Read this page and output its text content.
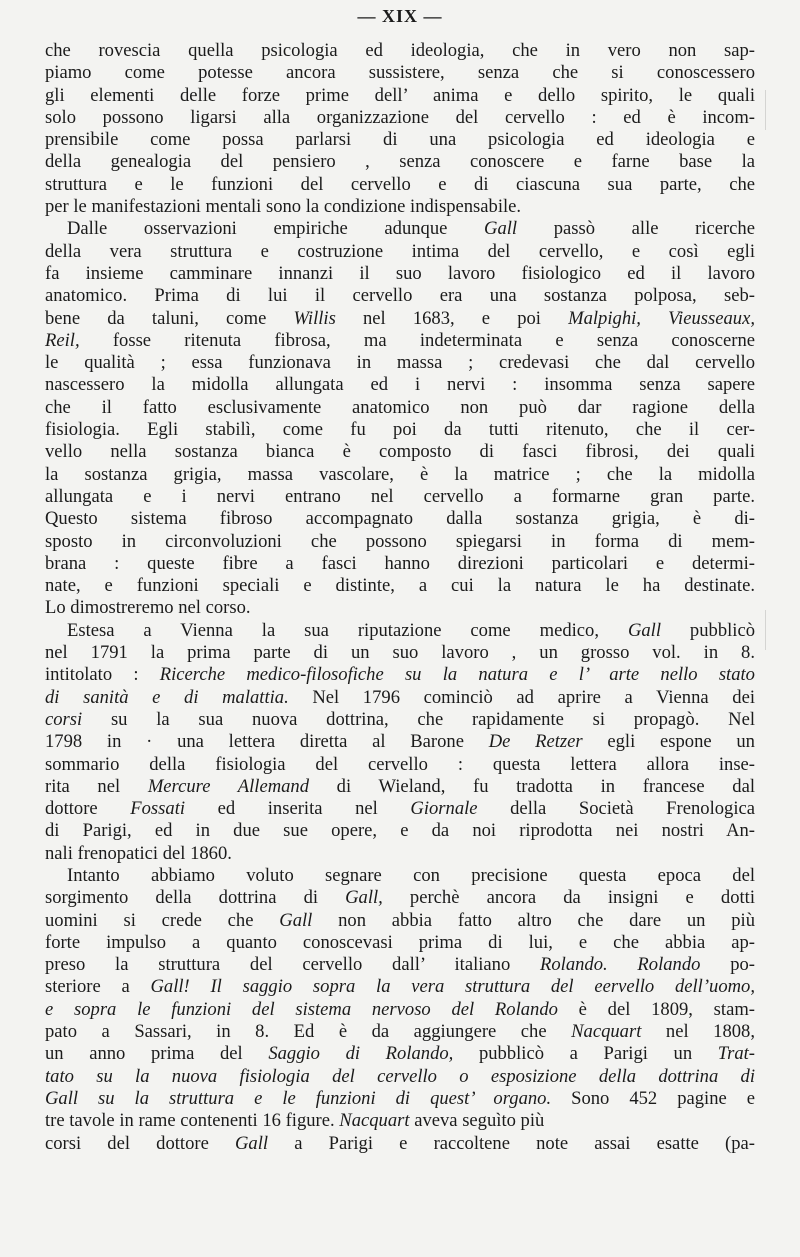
— XIX —
che rovescia quella psicologia ed ideologia, che in vero non sap-
piamo come potesse ancora sussistere, senza che si conoscessero
gli elementi delle forze prime dell’ anima e dello spirito, le quali
solo possono ligarsi alla organizzazione del cervello : ed è incom-
prensibile come possa parlarsi di una psicologia ed ideologia e
della genealogia del pensiero , senza conoscere e farne base la
struttura e le funzioni del cervello e di ciascuna sua parte, che
per le manifestazioni mentali sono la condizione indispensabile.
Dalle osservazioni empiriche adunque Gall passò alle ricerche
della vera struttura e costruzione intima del cervello, e così egli
fa insieme camminare innanzi il suo lavoro fisiologico ed il lavoro
anatomico. Prima di lui il cervello era una sostanza polposa, seb-
bene da taluni, come Willis nel 1683, e poi Malpighi, Vieusseaux,
Reil, fosse ritenuta fibrosa, ma indeterminata e senza conoscerne
le qualità ; essa funzionava in massa ; credevasi che dal cervello
nascessero la midolla allungata ed i nervi : insomma senza sapere
che il fatto esclusivamente anatomico non può dar ragione della
fisiologia. Egli stabilì, come fu poi da tutti ritenuto, che il cer-
vello nella sostanza bianca è composto di fasci fibrosi, dei quali
la sostanza grigia, massa vascolare, è la matrice ; che la midolla
allungata e i nervi entrano nel cervello a formarne gran parte.
Questo sistema fibroso accompagnato dalla sostanza grigia, è di-
sposto in circonvoluzioni che possono spiegarsi in forma di mem-
brana : queste fibre a fasci hanno direzioni particolari e determi-
nate, e funzioni speciali e distinte, a cui la natura le ha destinate.
Lo dimostreremo nel corso.
Estesa a Vienna la sua riputazione come medico, Gall pubblicò
nel 1791 la prima parte di un suo lavoro , un grosso vol. in 8.
intitolato : Ricerche medico-filosofiche su la natura e l’ arte nello stato
di sanità e di malattia. Nel 1796 cominciò ad aprire a Vienna dei
corsi su la sua nuova dottrina, che rapidamente si propagò. Nel
1798 in · una lettera diretta al Barone De Retzer egli espone un
sommario della fisiologia del cervello : questa lettera allora inse-
rita nel Mercure Allemand di Wieland, fu tradotta in francese dal
dottore Fossati ed inserita nel Giornale della Società Frenologica
di Parigi, ed in due sue opere, e da noi riprodotta nei nostri An-
nali frenopatici del 1860.
Intanto abbiamo voluto segnare con precisione questa epoca del
sorgimento della dottrina di Gall, perchè ancora da insigni e dotti
uomini si crede che Gall non abbia fatto altro che dare un più
forte impulso a quanto conoscevasi prima di lui, e che abbia ap-
preso la struttura del cervello dall’ italiano Rolando. Rolando po-
steriore a Gall! Il saggio sopra la vera struttura del eervello dell’uomo,
e sopra le funzioni del sistema nervoso del Rolando è del 1809, stam-
pato a Sassari, in 8. Ed è da aggiungere che Nacquart nel 1808,
un anno prima del Saggio di Rolando, pubblicò a Parigi un Trat-
tato su la nuova fisiologia del cervello o esposizione della dottrina di
Gall su la struttura e le funzioni di quest’ organo. Sono 452 pagine e
tre tavole in rame contenenti 16 figure. Nacquart aveva seguìto più
corsi del dottore Gall a Parigi e raccoltene note assai esatte (pa-
